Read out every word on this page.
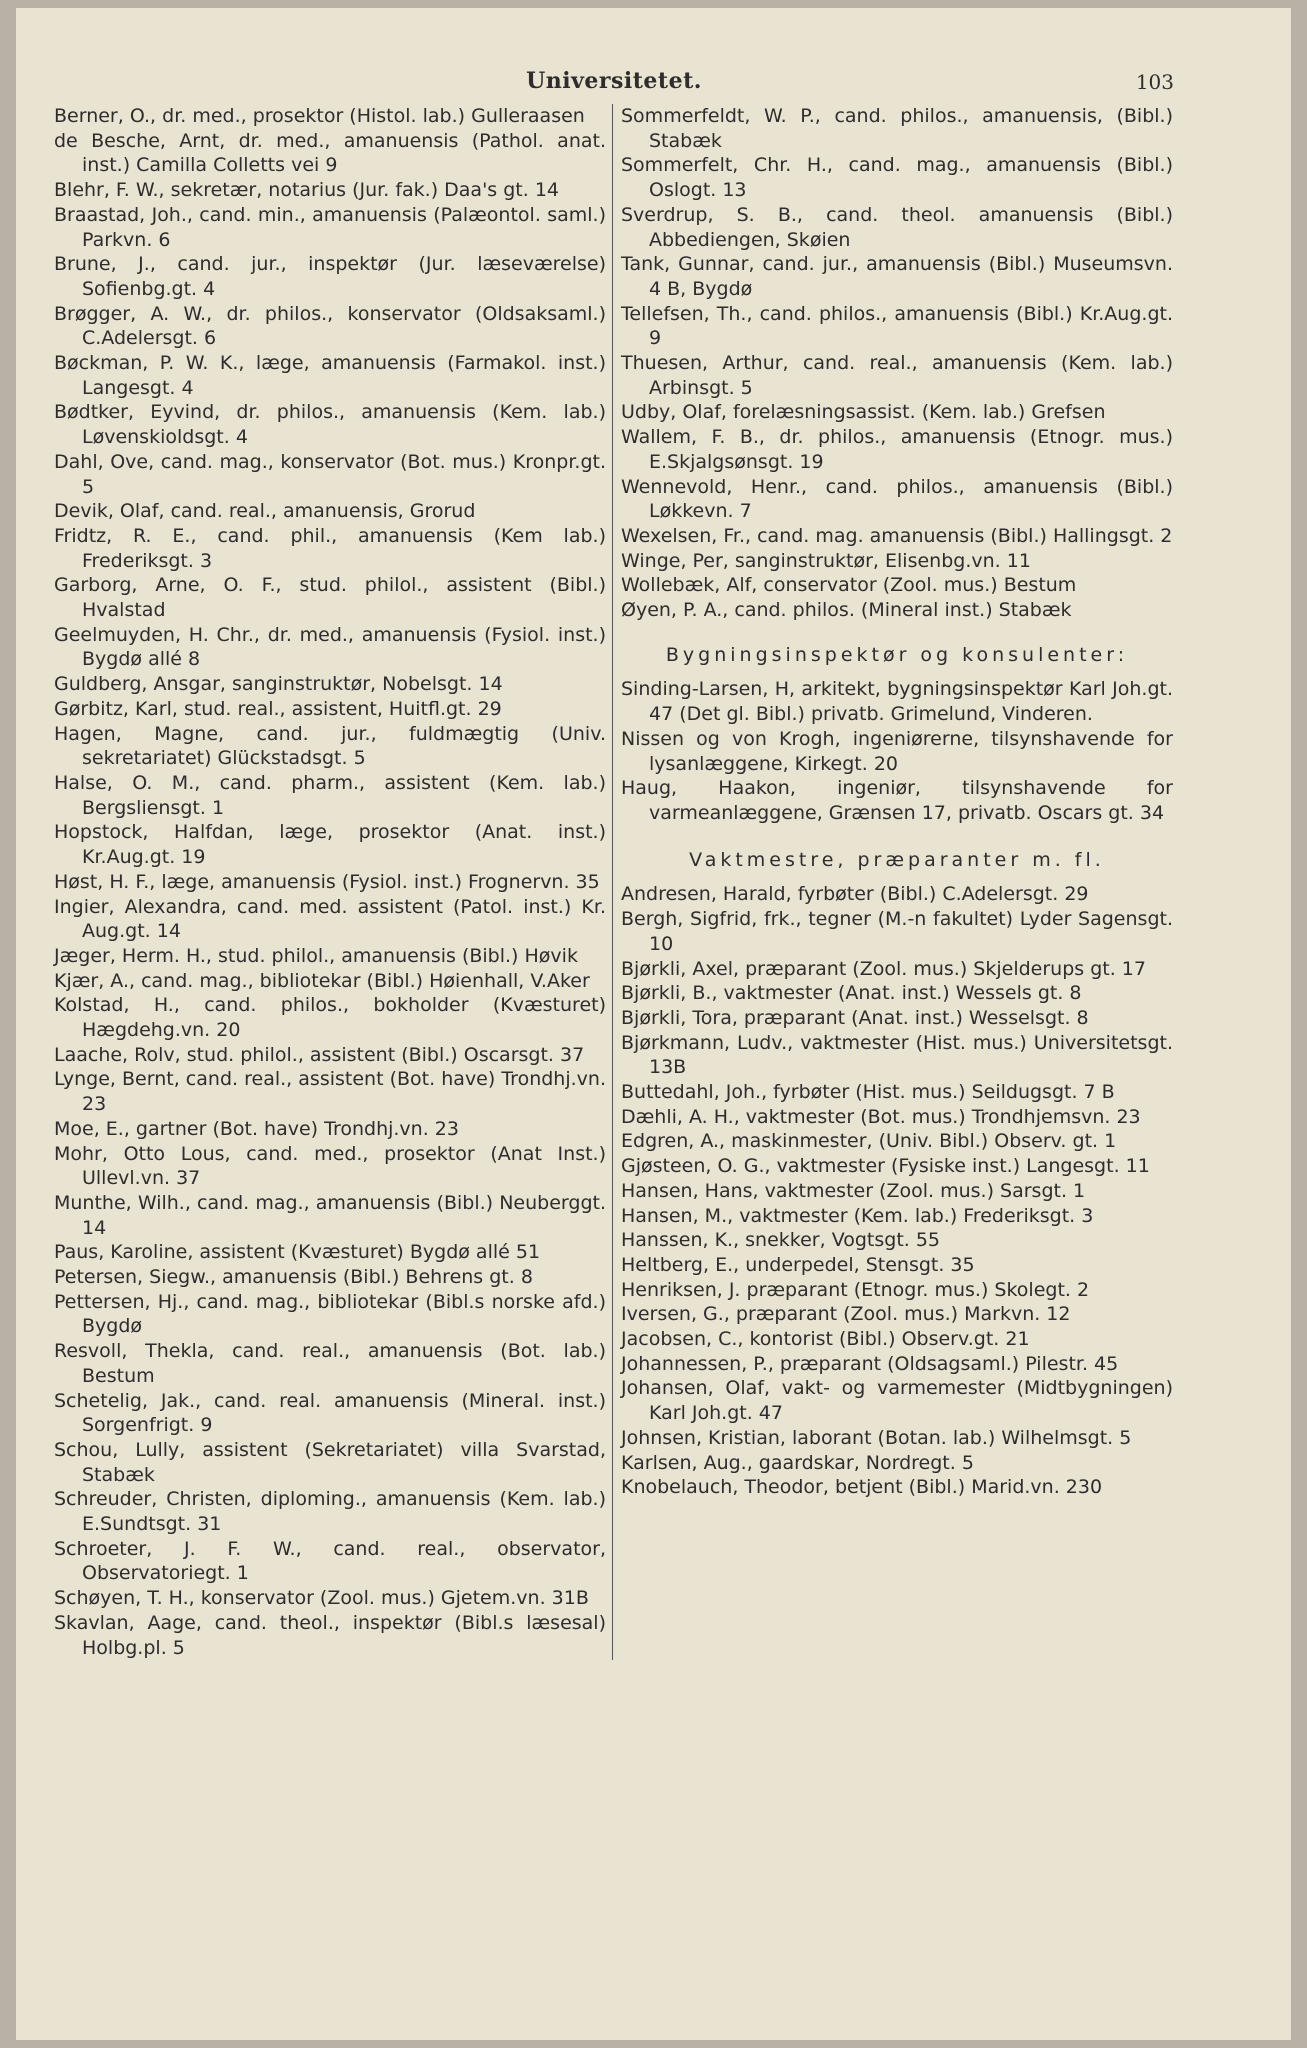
Universitetet.	103
Berner, O., dr. med., prosektor (Histol. lab.) Gulleraasen
de Besche, Arnt, dr. med., amanuensis (Pathol. anat. inst.) Camilla Colletts vei 9
Blehr, F. W., sekretær, notarius (Jur. fak.) Daa's gt. 14
Braastad, Joh., cand. min., amanuensis (Palæontol. saml.) Parkvn. 6
Brune, J., cand. jur., inspektør (Jur. læseværelse) Sofienbg.gt. 4
Brøgger, A. W., dr. philos., konservator (Oldsaksaml.) C.Adelersgt. 6
Bøckman, P. W. K., læge, amanuensis (Farmakol. inst.) Langesgt. 4
Bødtker, Eyvind, dr. philos., amanuensis (Kem. lab.) Løvenskioldsgt. 4
Dahl, Ove, cand. mag., konservator (Bot. mus.) Kronpr.gt. 5
Devik, Olaf, cand. real., amanuensis, Grorud
Fridtz, R. E., cand. phil., amanuensis (Kem lab.) Frederiksgt. 3
Garborg, Arne, O. F., stud. philol., assistent (Bibl.) Hvalstad
Geelmuyden, H. Chr., dr. med., amanuensis (Fysiol. inst.) Bygdø allé 8
Guldberg, Ansgar, sanginstruktør, Nobelsgt. 14
Gørbitz, Karl, stud. real., assistent, Huitfl.gt. 29
Hagen, Magne, cand. jur., fuldmægtig (Univ. sekretariatet) Glückstadsgt. 5
Halse, O. M., cand. pharm., assistent (Kem. lab.) Bergsliensgt. 1
Hopstock, Halfdan, læge, prosektor (Anat. inst.) Kr.Aug.gt. 19
Høst, H. F., læge, amanuensis (Fysiol. inst.) Frognervn. 35
Ingier, Alexandra, cand. med. assistent (Patol. inst.) Kr. Aug.gt. 14
Jæger, Herm. H., stud. philol., amanuensis (Bibl.) Høvik
Kjær, A., cand. mag., bibliotekar (Bibl.) Høienhall, V.Aker
Kolstad, H., cand. philos., bokholder (Kvæsturet) Hægdehg.vn. 20
Laache, Rolv, stud. philol., assistent (Bibl.) Oscarsgt. 37
Lynge, Bernt, cand. real., assistent (Bot. have) Trondhj.vn. 23
Moe, E., gartner (Bot. have) Trondhj.vn. 23
Mohr, Otto Lous, cand. med., prosektor (Anat Inst.) Ullevl.vn. 37
Munthe, Wilh., cand. mag., amanuensis (Bibl.) Neuberggt. 14
Paus, Karoline, assistent (Kvæsturet) Bygdø allé 51
Petersen, Siegw., amanuensis (Bibl.) Behrens gt. 8
Pettersen, Hj., cand. mag., bibliotekar (Bibl.s norske afd.) Bygdø
Resvoll, Thekla, cand. real., amanuensis (Bot. lab.) Bestum
Schetelig, Jak., cand. real. amanuensis (Mineral. inst.) Sorgenfrigt. 9
Schou, Lully, assistent (Sekretariatet) villa Svarstad, Stabæk
Schreuder, Christen, diploming., amanuensis (Kem. lab.) E.Sundtsgt. 31
Schroeter, J. F. W., cand. real., observator, Observatoriegt. 1
Schøyen, T. H., konservator (Zool. mus.) Gjetem.vn. 31B
Skavlan, Aage, cand. theol., inspektør (Bibl.s læsesal) Holbg.pl. 5
Sommerfeldt, W. P., cand. philos., amanuensis, (Bibl.) Stabæk
Sommerfelt, Chr. H., cand. mag., amanuensis (Bibl.) Oslogt. 13
Sverdrup, S. B., cand. theol. amanuensis (Bibl.) Abbediengen, Skøien
Tank, Gunnar, cand. jur., amanuensis (Bibl.) Museumsvn. 4 B, Bygdø
Tellefsen, Th., cand. philos., amanuensis (Bibl.) Kr.Aug.gt. 9
Thuesen, Arthur, cand. real., amanuensis (Kem. lab.) Arbinsgt. 5
Udby, Olaf, forelæsningsassist. (Kem. lab.) Grefsen
Wallem, F. B., dr. philos., amanuensis (Etnogr. mus.) E.Skjalgsønsgt. 19
Wennevold, Henr., cand. philos., amanuensis (Bibl.) Løkkevn. 7
Wexelsen, Fr., cand. mag. amanuensis (Bibl.) Hallingsgt. 2
Winge, Per, sanginstruktør, Elisenbg.vn. 11
Wollebæk, Alf, conservator (Zool. mus.) Bestum
Øyen, P. A., cand. philos. (Mineral inst.) Stabæk
Bygningsinspektør og konsulenter:
Sinding-Larsen, H, arkitekt, bygningsinspektør Karl Joh.gt. 47 (Det gl. Bibl.) privatb. Grimelund, Vinderen.
Nissen og von Krogh, ingeniørerne, tilsynshavende for lysanlæggene, Kirkegt. 20
Haug, Haakon, ingeniør, tilsynshavende for varmeanlæggene, Grænsen 17, privatb. Oscars gt. 34
Vaktmestre, præparanter m. fl.
Andresen, Harald, fyrbøter (Bibl.) C.Adelersgt. 29
Bergh, Sigfrid, frk., tegner (M.-n fakultet) Lyder Sagensgt. 10
Bjørkli, Axel, præparant (Zool. mus.) Skjelderups gt. 17
Bjørkli, B., vaktmester (Anat. inst.) Wessels gt. 8
Bjørkli, Tora, præparant (Anat. inst.) Wesselsgt. 8
Bjørkmann, Ludv., vaktmester (Hist. mus.) Universitetsgt. 13B
Buttedahl, Joh., fyrbøter (Hist. mus.) Seildugsgt. 7 B
Dæhli, A. H., vaktmester (Bot. mus.) Trondhjemsvn. 23
Edgren, A., maskinmester, (Univ. Bibl.) Observ. gt. 1
Gjøsteen, O. G., vaktmester (Fysiske inst.) Langesgt. 11
Hansen, Hans, vaktmester (Zool. mus.) Sarsgt. 1
Hansen, M., vaktmester (Kem. lab.) Frederiksgt. 3
Hanssen, K., snekker, Vogtsgt. 55
Heltberg, E., underpedel, Stensgt. 35
Henriksen, J. præparant (Etnogr. mus.) Skolegt. 2
Iversen, G., præparant (Zool. mus.) Markvn. 12
Jacobsen, C., kontorist (Bibl.) Observ.gt. 21
Johannessen, P., præparant (Oldsagsaml.) Pilestr. 45
Johansen, Olaf, vakt- og varmemester (Midtbygningen) Karl Joh.gt. 47
Johnsen, Kristian, laborant (Botan. lab.) Wilhelmsgt. 5
Karlsen, Aug., gaardskar, Nordregt. 5
Knobelauch, Theodor, betjent (Bibl.) Marid.vn. 230
